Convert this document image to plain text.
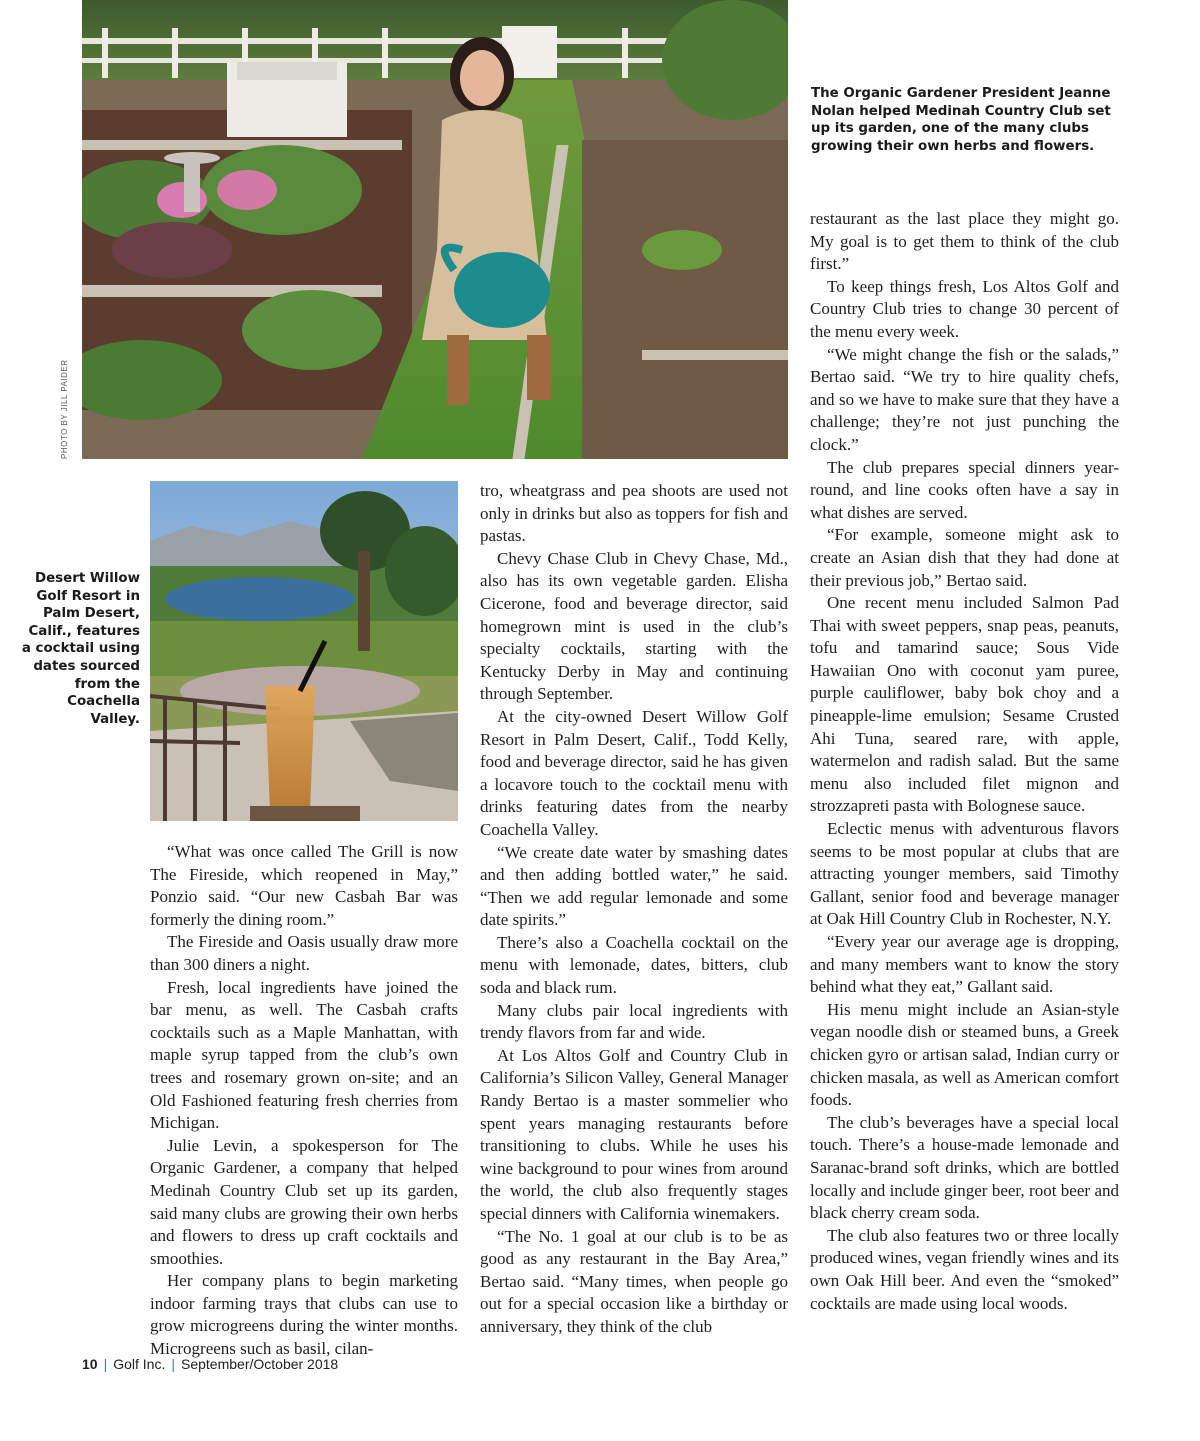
PHOTO BY JILL PAIDER
The Organic Gardener President Jeanne Nolan helped Medinah Country Club set up its garden, one of the many clubs growing their own herbs and flowers.
Desert Willow Golf Resort in Palm Desert, Calif., features a cocktail using dates sourced from the Coachella Valley.

“What was once called The Grill is now The Fireside, which reopened in May,” Ponzio said. “Our new Casbah Bar was formerly the dining room.”

The Fireside and Oasis usually draw more than 300 diners a night.

Fresh, local ingredients have joined the bar menu, as well. The Casbah crafts cocktails such as a Maple Manhattan, with maple syrup tapped from the club’s own trees and rosemary grown on-site; and an Old Fashioned featuring fresh cherries from Michigan.

Julie Levin, a spokesperson for The Organic Gardener, a company that helped Medinah Country Club set up its garden, said many clubs are growing their own herbs and flowers to dress up craft cocktails and smoothies.

Her company plans to begin marketing indoor farming trays that clubs can use to grow microgreens during the winter months. Microgreens such as basil, cilan-

tro, wheatgrass and pea shoots are used not only in drinks but also as toppers for fish and pastas.

Chevy Chase Club in Chevy Chase, Md., also has its own vegetable garden. Elisha Cicerone, food and beverage director, said homegrown mint is used in the club’s specialty cocktails, starting with the Kentucky Derby in May and continuing through September.

At the city-owned Desert Willow Golf Resort in Palm Desert, Calif., Todd Kelly, food and beverage director, said he has given a locavore touch to the cocktail menu with drinks featuring dates from the nearby Coachella Valley.

“We create date water by smashing dates and then adding bottled water,” he said. “Then we add regular lemonade and some date spirits.”

There’s also a Coachella cocktail on the menu with lemonade, dates, bitters, club soda and black rum.

Many clubs pair local ingredients with trendy flavors from far and wide.

At Los Altos Golf and Country Club in California’s Silicon Valley, General Manager Randy Bertao is a master sommelier who spent years managing restaurants before transitioning to clubs. While he uses his wine background to pour wines from around the world, the club also frequently stages special dinners with California winemakers.

“The No. 1 goal at our club is to be as good as any restaurant in the Bay Area,” Bertao said. “Many times, when people go out for a special occasion like a birthday or anniversary, they think of the club

restaurant as the last place they might go. My goal is to get them to think of the club first.”

To keep things fresh, Los Altos Golf and Country Club tries to change 30 percent of the menu every week.

“We might change the fish or the salads,” Bertao said. “We try to hire quality chefs, and so we have to make sure that they have a challenge; they’re not just punching the clock.”

The club prepares special dinners year-round, and line cooks often have a say in what dishes are served.

“For example, someone might ask to create an Asian dish that they had done at their previous job,” Bertao said.

One recent menu included Salmon Pad Thai with sweet peppers, snap peas, peanuts, tofu and tamarind sauce; Sous Vide Hawaiian Ono with coconut yam puree, purple cauliflower, baby bok choy and a pineapple-lime emulsion; Sesame Crusted Ahi Tuna, seared rare, with apple, watermelon and radish salad. But the same menu also included filet mignon and strozzapreti pasta with Bolognese sauce.

Eclectic menus with adventurous flavors seems to be most popular at clubs that are attracting younger members, said Timothy Gallant, senior food and beverage manager at Oak Hill Country Club in Rochester, N.Y.

“Every year our average age is dropping, and many members want to know the story behind what they eat,” Gallant said.

His menu might include an Asian-style vegan noodle dish or steamed buns, a Greek chicken gyro or artisan salad, Indian curry or chicken masala, as well as American comfort foods.

The club’s beverages have a special local touch. There’s a house-made lemonade and Saranac-brand soft drinks, which are bottled locally and include ginger beer, root beer and black cherry cream soda.

The club also features two or three locally produced wines, vegan friendly wines and its own Oak Hill beer. And even the “smoked” cocktails are made using local woods.

10 | Golf Inc. | September/October 2018
